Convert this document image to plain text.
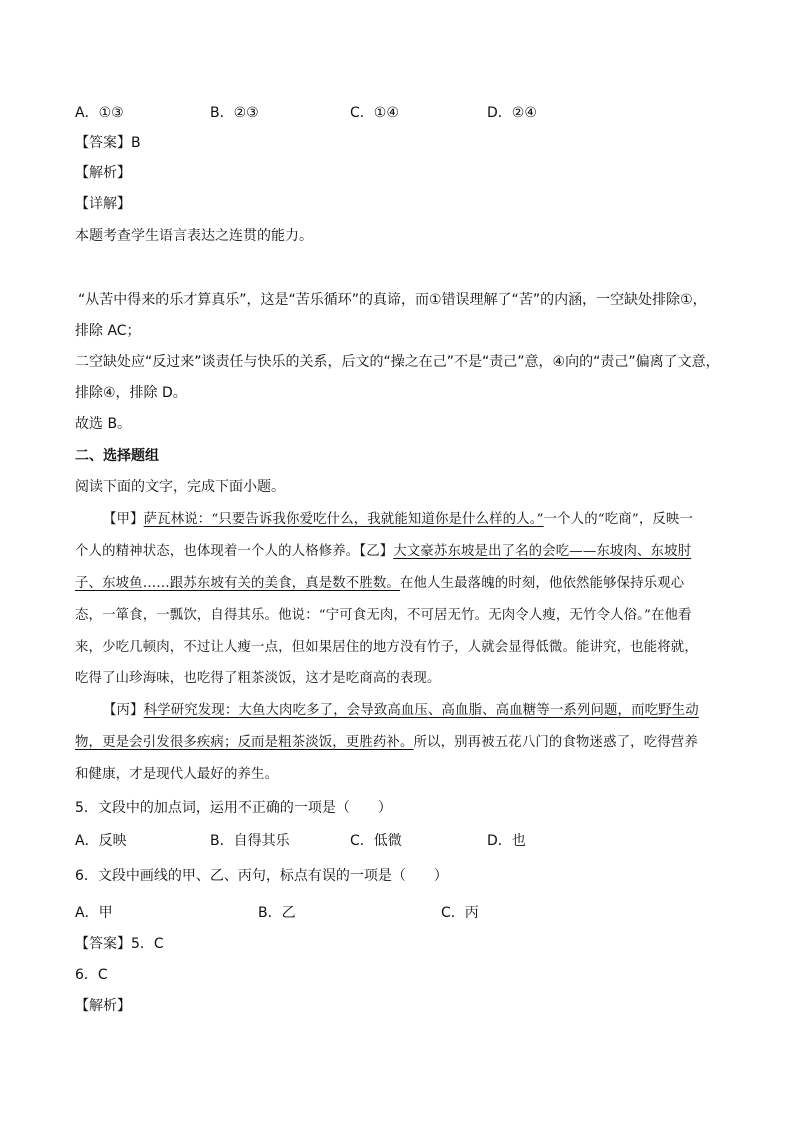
A．①③	B．②③	C．①④	D．②④
【答案】B
【解析】
【详解】
本题考查学生语言表达之连贯的能力。
“从苦中得来的乐才算真乐”，这是“苦乐循环”的真谛，而①错误理解了“苦”的内涵，一空缺处排除①，
排除 AC；
二空缺处应“反过来”谈责任与快乐的关系，后文的“操之在己”不是“责己”意，④向的“责己”偏离了文意，
排除④，排除 D。
故选 B。
二、选择题组
阅读下面的文字，完成下面小题。
【甲】萨瓦林说：“只要告诉我你爱吃什么，我就能知道你是什么样的人。”一个人的“吃商”，反映一
个人的精神状态，也体现着一个人的人格修养。【乙】大文豪苏东坡是出了名的会吃——东坡肉、东坡肘
子、东坡鱼……跟苏东坡有关的美食，真是数不胜数。在他人生最落魄的时刻，他依然能够保持乐观心
态，一箪食，一瓢饮，自得其乐。他说：“宁可食无肉，不可居无竹。无肉令人瘦，无竹令人俗。”在他看
来，少吃几顿肉，不过让人瘦一点，但如果居住的地方没有竹子，人就会显得低微。能讲究，也能将就，
吃得了山珍海味，也吃得了粗茶淡饭，这才是吃商高的表现。
【丙】科学研究发现：大鱼大肉吃多了，会导致高血压、高血脂、高血糖等一系列问题，而吃野生动
物，更是会引发很多疾病；反而是粗茶淡饭，更胜药补。所以，别再被五花八门的食物迷惑了，吃得营养
和健康，才是现代人最好的养生。
5．文段中的加点词，运用不正确的一项是（　　）
A．反映	B．自得其乐	C．低微	D．也
6．文段中画线的甲、乙、丙句，标点有误的一项是（　　）
A．甲	B．乙	C．丙
【答案】5．C
6．C
【解析】
